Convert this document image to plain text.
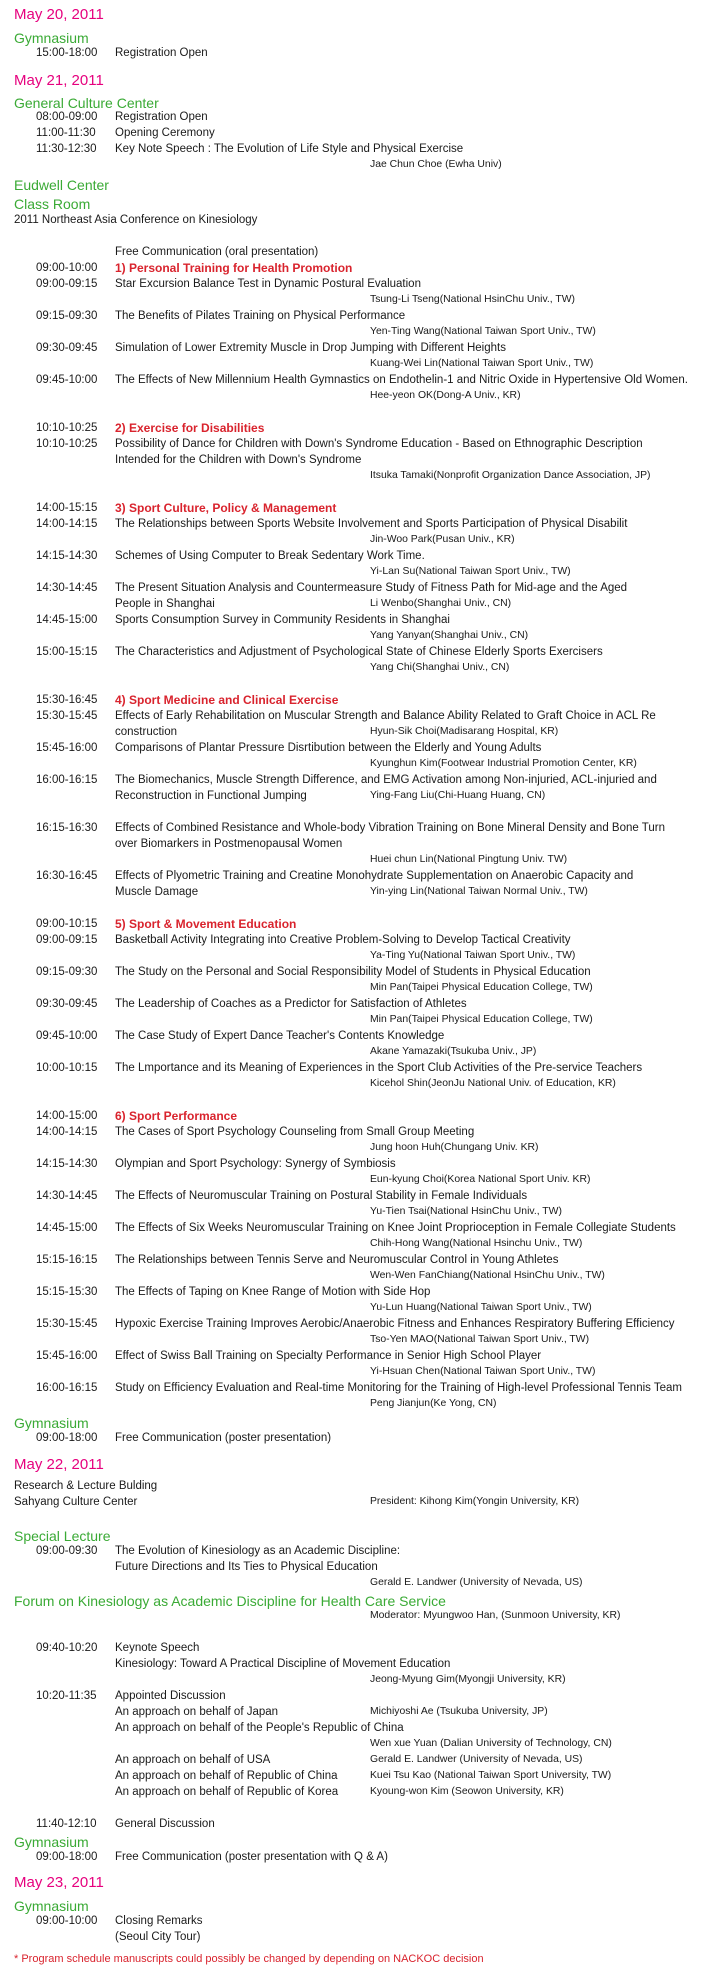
May 20, 2011
May 21, 2011
May 22, 2011
May 23, 2011
Gymnasium
15:00-18:00 Registration Open
General Culture Center
08:00-09:00 Registration Open
11:00-11:30 Opening Ceremony
11:30-12:30 Key Note Speech : The Evolution of Life Style and Physical Exercise
Jae Chun Choe (Ewha Univ)
Eudwell Center
Class Room
2011 Northeast Asia Conference on Kinesiology
Free Communication (oral presentation)
09:00-10:00 1) Personal Training for Health Promotion
09:00-09:15 Star Excursion Balance Test in Dynamic Postural Evaluation
Tsung-Li Tseng(National HsinChu Univ., TW)
09:15-09:30 The Benefits of Pilates Training on Physical Performance
Yen-Ting Wang(National Taiwan Sport Univ., TW)
09:30-09:45 Simulation of Lower Extremity Muscle in Drop Jumping with Different Heights
Kuang-Wei Lin(National Taiwan Sport Univ., TW)
09:45-10:00 The Effects of New Millennium Health Gymnastics on Endothelin-1 and Nitric Oxide in Hypertensive Old Women.
Hee-yeon OK(Dong-A Univ., KR)
10:10-10:25 2) Exercise for Disabilities
10:10-10:25 Possibility of Dance for Children with Down's Syndrome Education - Based on Ethnographic Description
Intended for the Children with Down's Syndrome
Itsuka Tamaki(Nonprofit Organization Dance Association, JP)
14:00-15:15 3) Sport Culture, Policy & Management
14:00-14:15 The Relationships between Sports Website Involvement and Sports Participation of Physical Disabilit
Jin-Woo Park(Pusan Univ., KR)
14:15-14:30 Schemes of Using Computer to Break Sedentary Work Time.
Yi-Lan Su(National Taiwan Sport Univ., TW)
14:30-14:45 The Present Situation Analysis and Countermeasure Study of Fitness Path for Mid-age and the Aged
People in Shanghai	Li Wenbo(Shanghai Univ., CN)
14:45-15:00 Sports Consumption Survey in Community Residents in Shanghai
Yang Yanyan(Shanghai Univ., CN)
15:00-15:15 The Characteristics and Adjustment of Psychological State of Chinese Elderly Sports Exercisers
Yang Chi(Shanghai Univ., CN)
15:30-16:45 4) Sport Medicine and Clinical Exercise
15:30-15:45 Effects of Early Rehabilitation on Muscular Strength and Balance Ability Related to Graft Choice in ACL Re
construction	Hyun-Sik Choi(Madisarang Hospital, KR)
15:45-16:00 Comparisons of Plantar Pressure Disrtibution between the Elderly and Young Adults
Kyunghun Kim(Footwear Industrial Promotion Center, KR)
16:00-16:15 The Biomechanics, Muscle Strength Difference, and EMG Activation among Non-injuried, ACL-injuried and
Reconstruction in Functional Jumping	Ying-Fang Liu(Chi-Huang Huang, CN)
16:15-16:30 Effects of Combined Resistance and Whole-body Vibration Training on Bone Mineral Density and Bone Turn
over Biomarkers in Postmenopausal Women
Huei chun Lin(National Pingtung Univ. TW)
16:30-16:45 Effects of Plyometric Training and Creatine Monohydrate Supplementation on Anaerobic Capacity and
Muscle Damage	Yin-ying Lin(National Taiwan Normal Univ., TW)
09:00-10:15 5) Sport & Movement Education
09:00-09:15 Basketball Activity Integrating into Creative Problem-Solving to Develop Tactical Creativity
Ya-Ting Yu(National Taiwan Sport Univ., TW)
09:15-09:30 The Study on the Personal and Social Responsibility Model of Students in Physical Education
Min Pan(Taipei Physical Education College, TW)
09:30-09:45 The Leadership of Coaches as a Predictor for Satisfaction of Athletes
Min Pan(Taipei Physical Education College, TW)
09:45-10:00 The Case Study of Expert Dance Teacher's Contents Knowledge
Akane Yamazaki(Tsukuba Univ., JP)
10:00-10:15 The Lmportance and its Meaning of Experiences in the Sport Club Activities of the Pre-service Teachers
Kicehol Shin(JeonJu National Univ. of Education, KR)
14:00-15:00 6) Sport Performance
14:00-14:15 The Cases of Sport Psychology Counseling from Small Group Meeting
Jung hoon Huh(Chungang Univ. KR)
14:15-14:30 Olympian and Sport Psychology: Synergy of Symbiosis
Eun-kyung Choi(Korea National Sport Univ. KR)
14:30-14:45 The Effects of Neuromuscular Training on Postural Stability in Female Individuals
Yu-Tien Tsai(National HsinChu Univ., TW)
14:45-15:00 The Effects of Six Weeks Neuromuscular Training on Knee Joint Proprioception in Female Collegiate Students
Chih-Hong Wang(National Hsinchu Univ., TW)
15:15-16:15 The Relationships between Tennis Serve and Neuromuscular Control in Young Athletes
Wen-Wen FanChiang(National HsinChu Univ., TW)
15:15-15:30 The Effects of Taping on Knee Range of Motion with Side Hop
Yu-Lun Huang(National Taiwan Sport Univ., TW)
15:30-15:45 Hypoxic Exercise Training Improves Aerobic/Anaerobic Fitness and Enhances Respiratory Buffering Efficiency
Tso-Yen MAO(National Taiwan Sport Univ., TW)
15:45-16:00 Effect of Swiss Ball Training on Specialty Performance in Senior High School Player
Yi-Hsuan Chen(National Taiwan Sport Univ., TW)
16:00-16:15 Study on Efficiency Evaluation and Real-time Monitoring for the Training of High-level Professional Tennis Team
Peng Jianjun(Ke Yong, CN)
Gymnasium
09:00-18:00 Free Communication (poster presentation)
Research & Lecture Bulding
Sahyang Culture Center	President: Kihong Kim(Yongin University, KR)
Special Lecture
09:00-09:30 The Evolution of Kinesiology as an Academic Discipline:
Future Directions and Its Ties to Physical Education
Gerald E. Landwer (University of Nevada, US)
Forum on Kinesiology as Academic Discipline for Health Care Service
Moderator: Myungwoo Han, (Sunmoon University, KR)
09:40-10:20 Keynote Speech
Kinesiology: Toward A Practical Discipline of Movement Education
Jeong-Myung Gim(Myongji University, KR)
10:20-11:35 Appointed Discussion
An approach on behalf of Japan	Michiyoshi Ae (Tsukuba University, JP)
An approach on behalf of the People's Republic of China
Wen xue Yuan (Dalian University of Technology, CN)
An approach on behalf of USA	Gerald E. Landwer (University of Nevada, US)
An approach on behalf of Republic of China	Kuei Tsu Kao (National Taiwan Sport University, TW)
An approach on behalf of Republic of Korea	Kyoung-won Kim (Seowon University, KR)
11:40-12:10 General Discussion
Gymnasium
09:00-18:00 Free Communication (poster presentation with Q & A)
Gymnasium
09:00-10:00 Closing Remarks
(Seoul City Tour)
* Program schedule manuscripts could possibly be changed by depending on NACKOC decision
